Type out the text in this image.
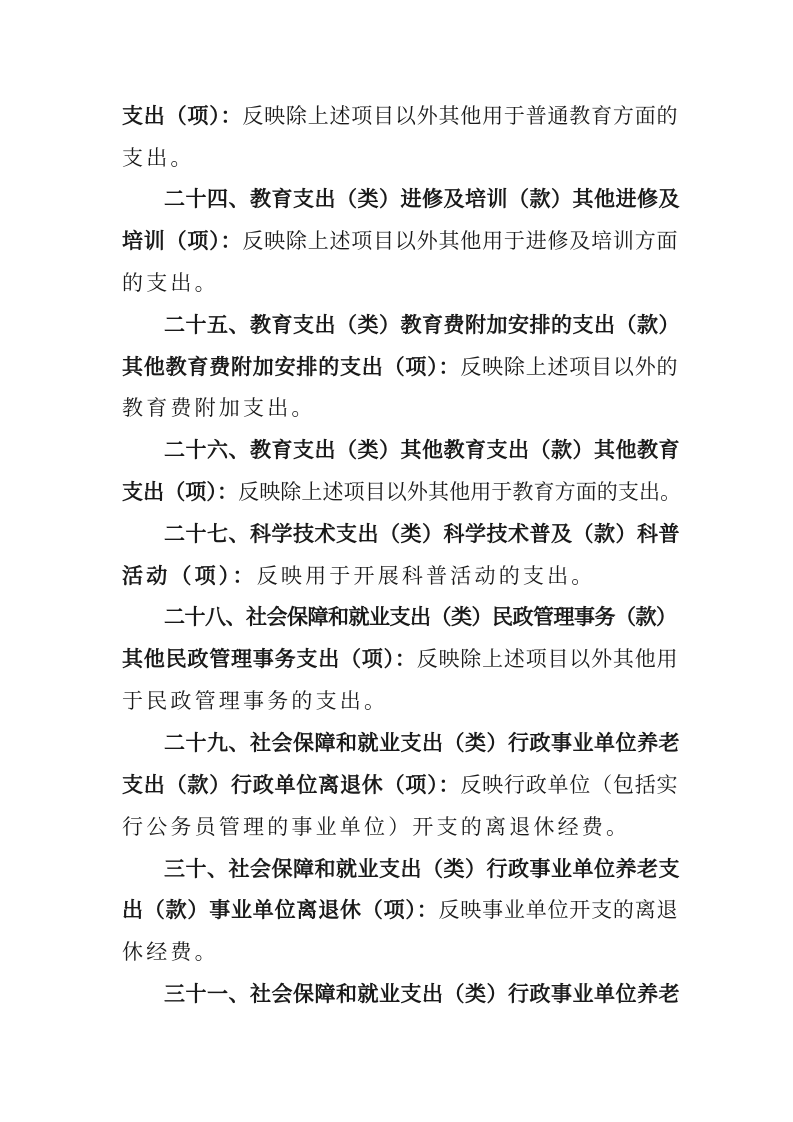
支出（项）：反映除上述项目以外其他用于普通教育方面的
支出。
二十四、教育支出（类）进修及培训（款）其他进修及
培训（项）：反映除上述项目以外其他用于进修及培训方面
的支出。
二十五、教育支出（类）教育费附加安排的支出（款）
其他教育费附加安排的支出（项）：反映除上述项目以外的
教育费附加支出。
二十六、教育支出（类）其他教育支出（款）其他教育
支出（项）：反映除上述项目以外其他用于教育方面的支出。
二十七、科学技术支出（类）科学技术普及（款）科普
活动（项）：反映用于开展科普活动的支出。
二十八、社会保障和就业支出（类）民政管理事务（款）
其他民政管理事务支出（项）：反映除上述项目以外其他用
于民政管理事务的支出。
二十九、社会保障和就业支出（类）行政事业单位养老
支出（款）行政单位离退休（项）：反映行政单位（包括实
行公务员管理的事业单位）开支的离退休经费。
三十、社会保障和就业支出（类）行政事业单位养老支
出（款）事业单位离退休（项）：反映事业单位开支的离退
休经费。
三十一、社会保障和就业支出（类）行政事业单位养老
